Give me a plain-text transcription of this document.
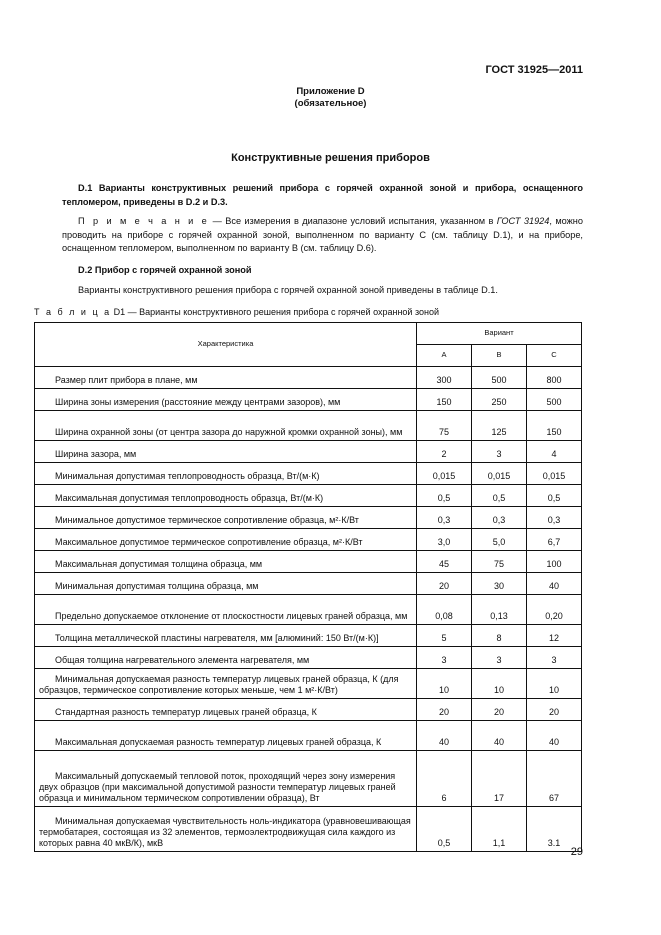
ГОСТ 31925—2011
Приложение D
(обязательное)
Конструктивные решения приборов
D.1 Варианты конструктивных решений прибора с горячей охранной зоной и прибора, оснащенного тепломером, приведены в D.2 и D.3.
П р и м е ч а н и е — Все измерения в диапазоне условий испытания, указанном в ГОСТ 31924, можно проводить на приборе с горячей охранной зоной, выполненном по варианту С (см. таблицу D.1), и на приборе, оснащенном тепломером, выполненном по варианту В (см. таблицу D.6).
D.2 Прибор с горячей охранной зоной
Варианты конструктивного решения прибора с горячей охранной зоной приведены в таблице D.1.
Т а б л и ц а D1 — Варианты конструктивного решения прибора с горячей охранной зоной
Характеристика	Вариант		
	А	В	С

Размер плит прибора в плане, мм	300	500	800

Ширина зоны измерения (расстояние между центрами зазоров), мм	150	250	500

Ширина охранной зоны (от центра зазора до наружной кромки охранной зоны), мм	75	125	150

Ширина зазора, мм	2	3	4

Минимальная допустимая теплопроводность образца, Вт/(м·К)	0,015	0,015	0,015

Максимальная допустимая теплопроводность образца, Вт/(м·К)	0,5	0,5	0,5

Минимальное допустимое термическое сопротивление образца, м²·К/Вт	0,3	0,3	0,3

Максимальное допустимое термическое сопротивление образца, м²·К/Вт	3,0	5,0	6,7

Максимальная допустимая толщина образца, мм	45	75	100

Минимальная допустимая толщина образца, мм	20	30	40

Предельно допускаемое отклонение от плоскостности лицевых граней образца, мм	0,08	0,13	0,20

Толщина металлической пластины нагревателя, мм [алюминий: 150 Вт/(м·К)]	5	8	12

Общая толщина нагревательного элемента нагревателя, мм	3	3	3

Минимальная допускаемая разность температур лицевых граней образца, К (для образцов, термическое сопротивление которых меньше, чем 1 м²·К/Вт)	10	10	10

Стандартная разность температур лицевых граней образца, К	20	20	20

Максимальная допускаемая разность температур лицевых граней образца, К	40	40	40

Максимальный допускаемый тепловой поток, проходящий через зону измерения двух образцов (при максимальной допустимой разности температур лицевых граней образца и минимальном термическом сопротивлении образца), Вт	6	17	67

Минимальная допускаемая чувствительность ноль-индикатора (уравновешивающая термобатарея, состоящая из 32 элементов, термоэлектродвижущая сила каждого из которых равна 40 мкВ/К), мкВ	0,5	1,1	3.1
29
